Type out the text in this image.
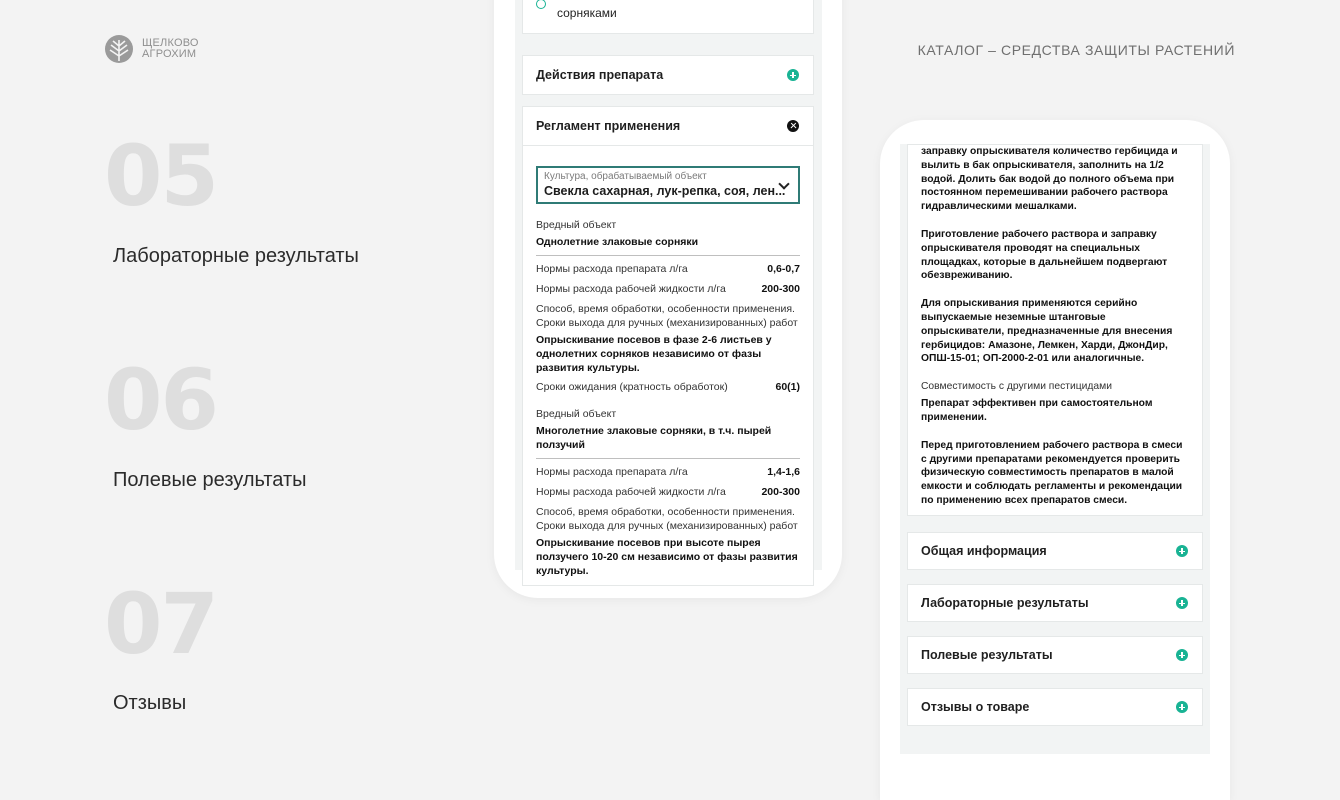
ЩЕЛКОВО
АГРОХИМ	КАТАЛОГ – СРЕДСТВА ЗАЩИТЫ РАСТЕНИЙ
05
Лабораторные результаты
06
Полевые результаты
07
Отзывы
сорняками
Действия препарата
Регламент применения
Культура, обрабатываемый объект
Свекла сахарная, лук-репка, соя, лен...
Вредный объект
Однолетние злаковые сорняки
Нормы расхода препарата л/га	0,6-0,7
Нормы расхода рабочей жидкости л/га	200-300
Способ, время обработки, особенности применения. Сроки выхода для ручных (механизированных) работ
Опрыскивание посевов в фазе 2-6 листьев у однолетних сорняков независимо от фазы развития культуры.
Сроки ожидания (кратность обработок)	60(1)
Вредный объект
Многолетние злаковые сорняки, в т.ч. пырей ползучий
Нормы расхода препарата л/га	1,4-1,6
Нормы расхода рабочей жидкости л/га	200-300
Способ, время обработки, особенности применения. Сроки выхода для ручных (механизированных) работ
Опрыскивание посевов при высоте пырея ползучего 10-20 см независимо от фазы развития культуры.
заправку опрыскивателя количество гербицида и вылить в бак опрыскивателя, заполнить на 1/2 водой. Долить бак водой до полного объема при постоянном перемешивании рабочего раствора гидравлическими мешалками.
Приготовление рабочего раствора и заправку опрыскивателя проводят на специальных площадках, которые в дальнейшем подвергают обезвреживанию.
Для опрыскивания применяются серийно выпускаемые неземные штанговые опрыскиватели, предназначенные для внесения гербицидов: Амазоне, Лемкен, Харди, ДжонДир, ОПШ-15-01; ОП-2000-2-01 или аналогичные.
Совместимость с другими пестицидами
Препарат эффективен при самостоятельном применении.
Перед приготовлением рабочего раствора в смеси с другими препаратами рекомендуется проверить физическую совместимость препаратов в малой емкости и соблюдать регламенты и рекомендации по применению всех препаратов смеси.
Общая информация
Лабораторные результаты
Полевые результаты
Отзывы о товаре
